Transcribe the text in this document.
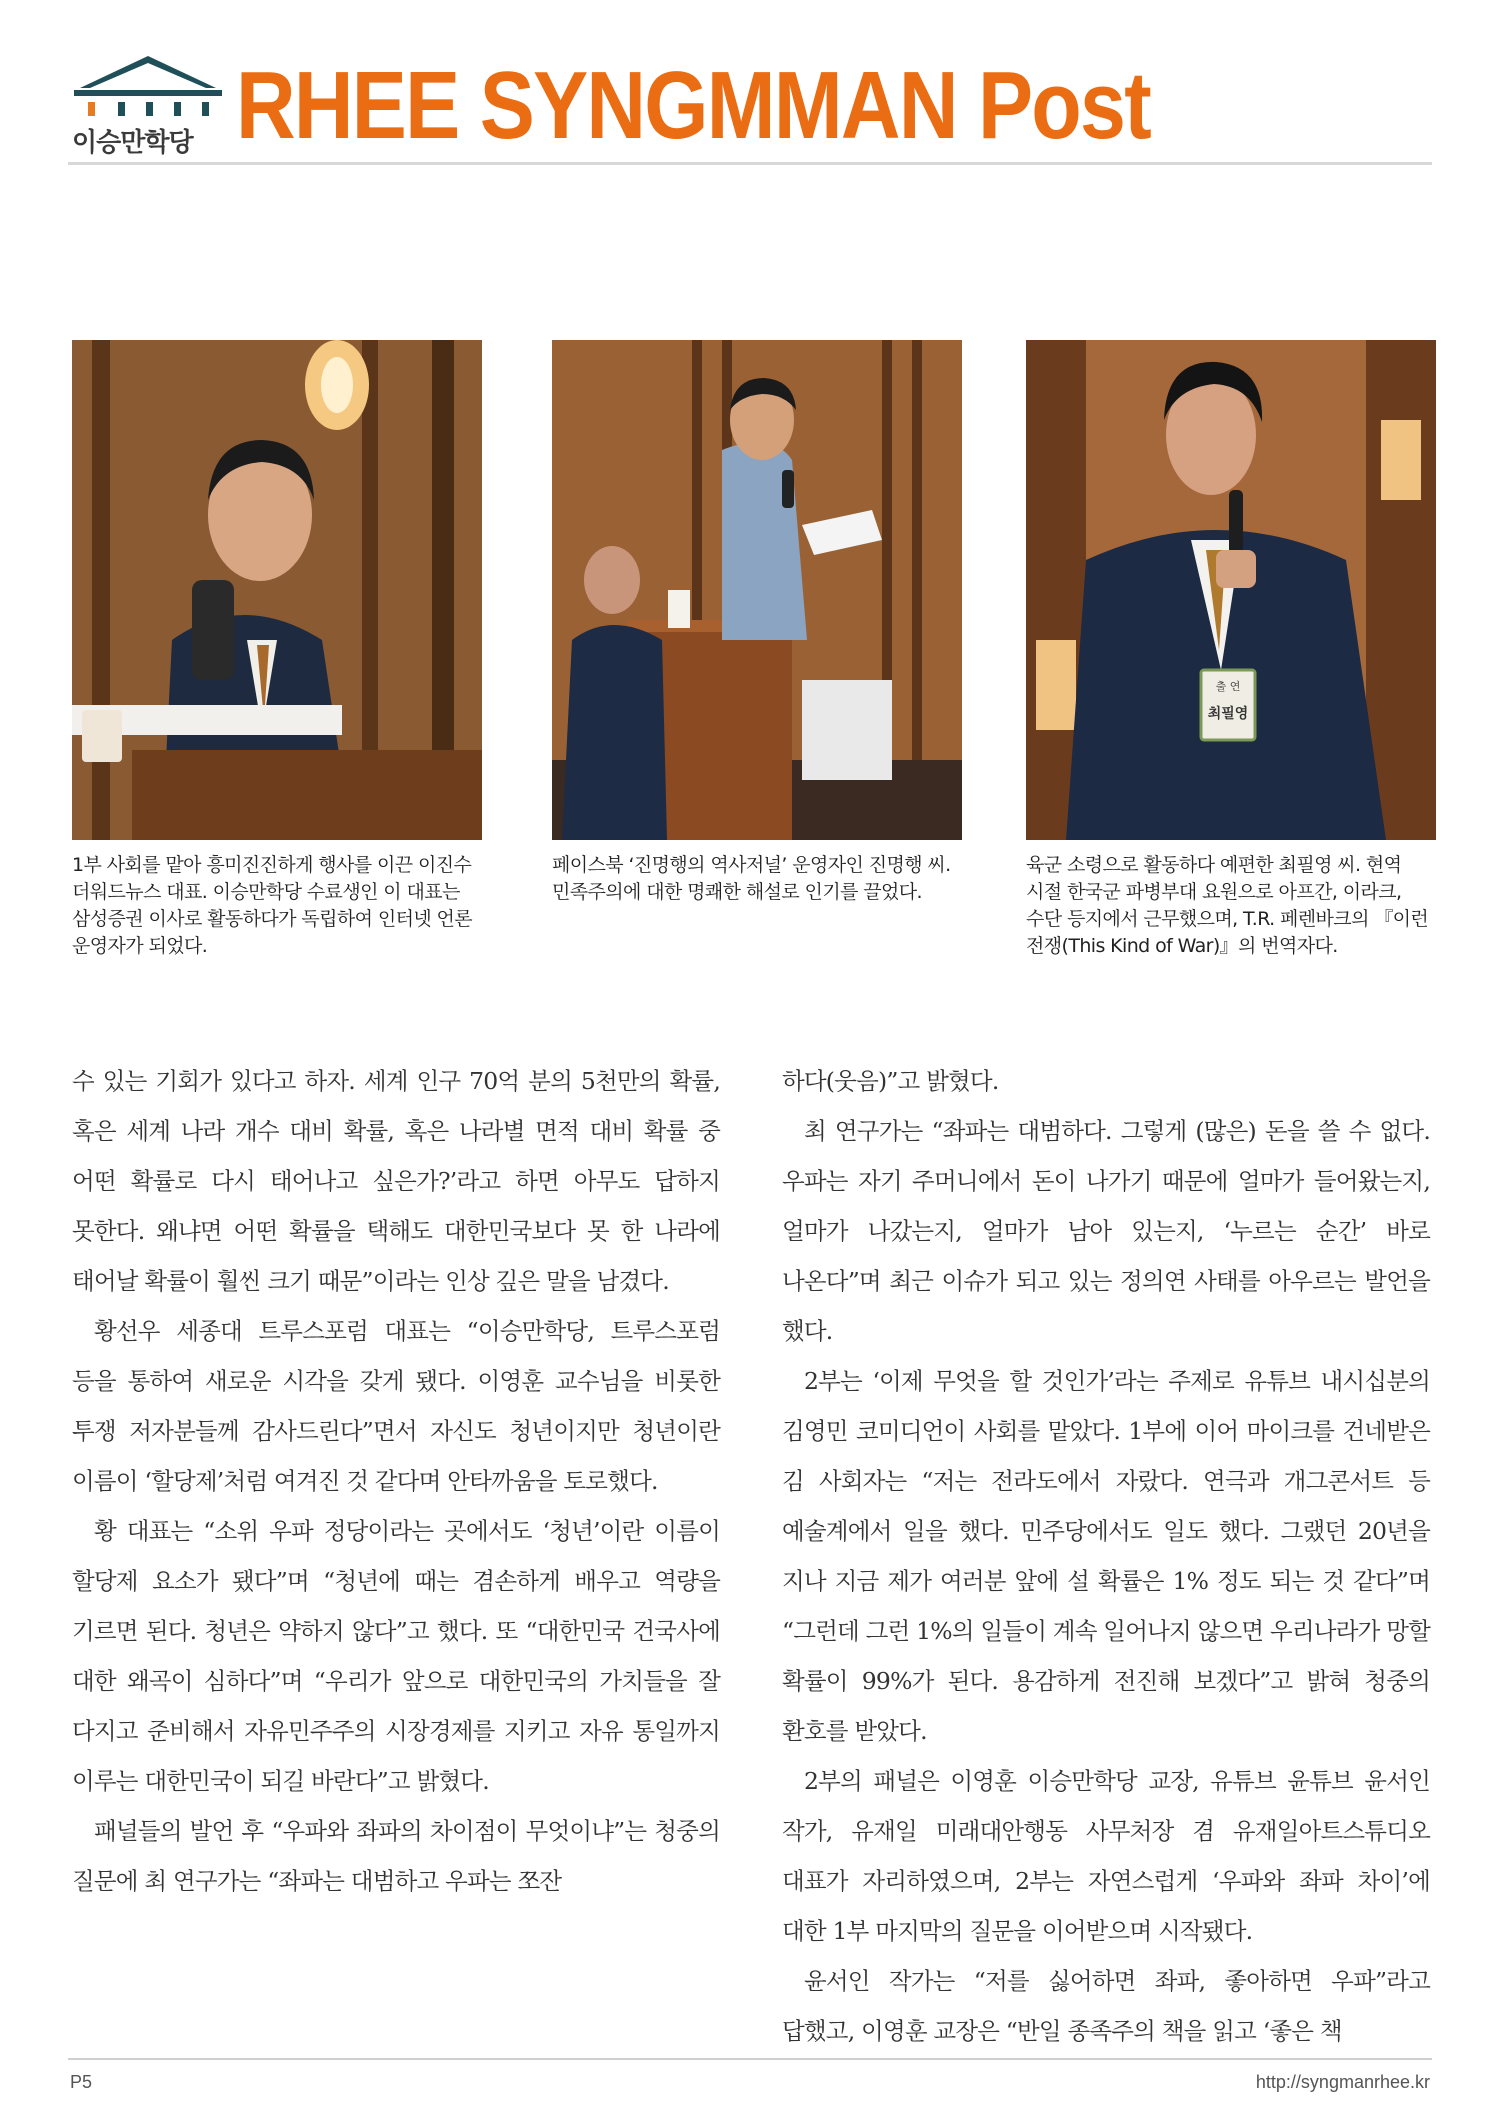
이승만학당 RHEE SYNGMMAN Post
1부 사회를 맡아 흥미진진하게 행사를 이끈 이진수 더워드뉴스 대표. 이승만학당 수료생인 이 대표는 삼성증권 이사로 활동하다가 독립하여 인터넷 언론 운영자가 되었다.
페이스북 ‘진명행의 역사저널’ 운영자인 진명행 씨. 민족주의에 대한 명쾌한 해설로 인기를 끌었다.
출 연
최필영
육군 소령으로 활동하다 예편한 최필영 씨. 현역 시절 한국군 파병부대 요원으로 아프간, 이라크, 수단 등지에서 근무했으며, T.R. 페렌바크의 『이런 전쟁(This Kind of War)』의 번역자다.

수 있는 기회가 있다고 하자. 세계 인구 70억 분의 5천만의 확률, 혹은 세계 나라 개수 대비 확률, 혹은 나라별 면적 대비 확률 중 어떤 확률로 다시 태어나고 싶은가?’라고 하면 아무도 답하지 못한다. 왜냐면 어떤 확률을 택해도 대한민국보다 못 한 나라에 태어날 확률이 훨씬 크기 때문”이라는 인상 깊은 말을 남겼다.

황선우 세종대 트루스포럼 대표는 “이승만학당, 트루스포럼 등을 통하여 새로운 시각을 갖게 됐다. 이영훈 교수님을 비롯한 투쟁 저자분들께 감사드린다”면서 자신도 청년이지만 청년이란 이름이 ‘할당제’처럼 여겨진 것 같다며 안타까움을 토로했다.

황 대표는 “소위 우파 정당이라는 곳에서도 ‘청년’이란 이름이 할당제 요소가 됐다”며 “청년에 때는 겸손하게 배우고 역량을 기르면 된다. 청년은 약하지 않다”고 했다. 또 “대한민국 건국사에 대한 왜곡이 심하다”며 “우리가 앞으로 대한민국의 가치들을 잘 다지고 준비해서 자유민주주의 시장경제를 지키고 자유 통일까지 이루는 대한민국이 되길 바란다”고 밝혔다.

패널들의 발언 후 “우파와 좌파의 차이점이 무엇이냐”는 청중의 질문에 최 연구가는 “좌파는 대범하고 우파는 쪼잔

하다(웃음)”고 밝혔다.

최 연구가는 “좌파는 대범하다. 그렇게 (많은) 돈을 쓸 수 없다. 우파는 자기 주머니에서 돈이 나가기 때문에 얼마가 들어왔는지, 얼마가 나갔는지, 얼마가 남아 있는지, ‘누르는 순간’ 바로 나온다”며 최근 이슈가 되고 있는 정의연 사태를 아우르는 발언을 했다.

2부는 ‘이제 무엇을 할 것인가’라는 주제로 유튜브 내시십분의 김영민 코미디언이 사회를 맡았다. 1부에 이어 마이크를 건네받은 김 사회자는 “저는 전라도에서 자랐다. 연극과 개그콘서트 등 예술계에서 일을 했다. 민주당에서도 일도 했다. 그랬던 20년을 지나 지금 제가 여러분 앞에 설 확률은 1% 정도 되는 것 같다”며 “그런데 그런 1%의 일들이 계속 일어나지 않으면 우리나라가 망할 확률이 99%가 된다. 용감하게 전진해 보겠다”고 밝혀 청중의 환호를 받았다.

2부의 패널은 이영훈 이승만학당 교장, 유튜브 윤튜브 윤서인 작가, 유재일 미래대안행동 사무처장 겸 유재일아트스튜디오 대표가 자리하였으며, 2부는 자연스럽게 ‘우파와 좌파 차이’에 대한 1부 마지막의 질문을 이어받으며 시작됐다.

윤서인 작가는 “저를 싫어하면 좌파, 좋아하면 우파”라고 답했고, 이영훈 교장은 “반일 종족주의 책을 읽고 ‘좋은 책

P5	http://syngmanrhee.kr
